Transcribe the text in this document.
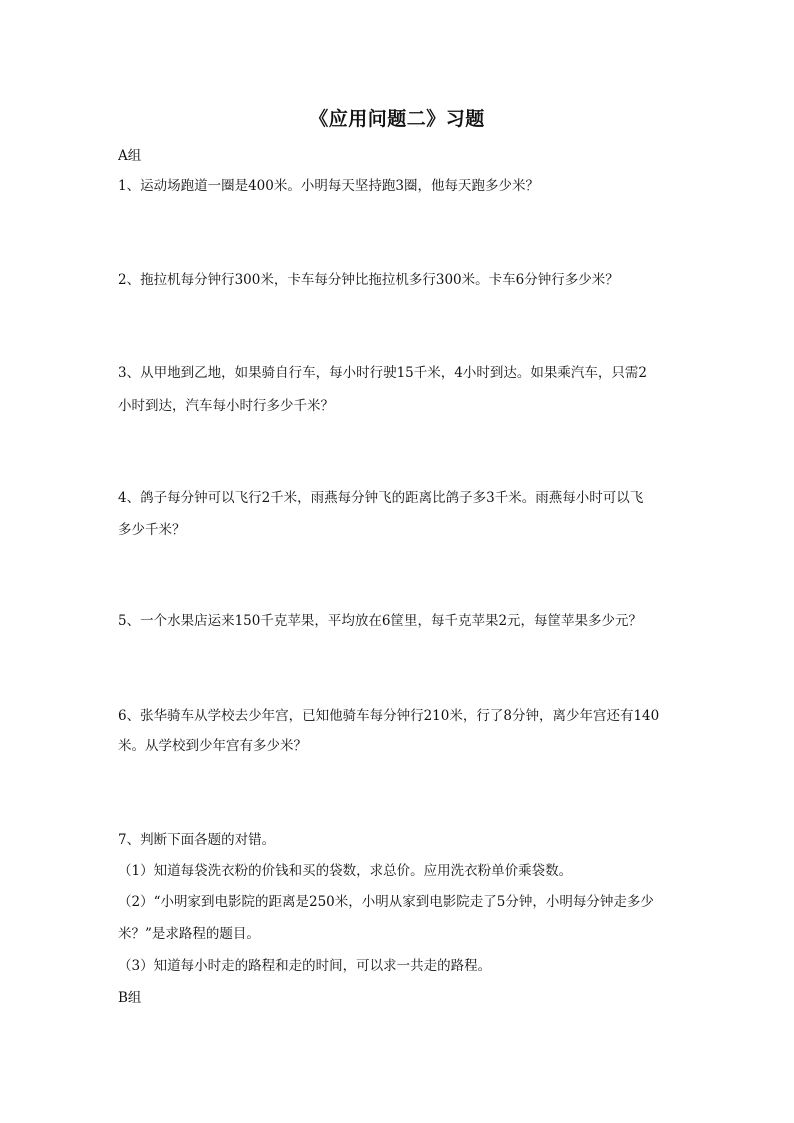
《应用问题二》习题
A组
1、运动场跑道一圈是400米。小明每天坚持跑3圈，他每天跑多少米？
2、拖拉机每分钟行300米，卡车每分钟比拖拉机多行300米。卡车6分钟行多少米？
3、从甲地到乙地，如果骑自行车，每小时行驶15千米，4小时到达。如果乘汽车，只需2
小时到达，汽车每小时行多少千米？
4、鸽子每分钟可以飞行2千米，雨燕每分钟飞的距离比鸽子多3千米。雨燕每小时可以飞
多少千米？
5、一个水果店运来150千克苹果，平均放在6筐里，每千克苹果2元，每筐苹果多少元？
6、张华骑车从学校去少年宫，已知他骑车每分钟行210米，行了8分钟，离少年宫还有140
米。从学校到少年宫有多少米？
7、判断下面各题的对错。
（1）知道每袋洗衣粉的价钱和买的袋数，求总价。应用洗衣粉单价乘袋数。
（2）“小明家到电影院的距离是250米，小明从家到电影院走了5分钟，小明每分钟走多少
米？”是求路程的题目。
（3）知道每小时走的路程和走的时间，可以求一共走的路程。
B组
